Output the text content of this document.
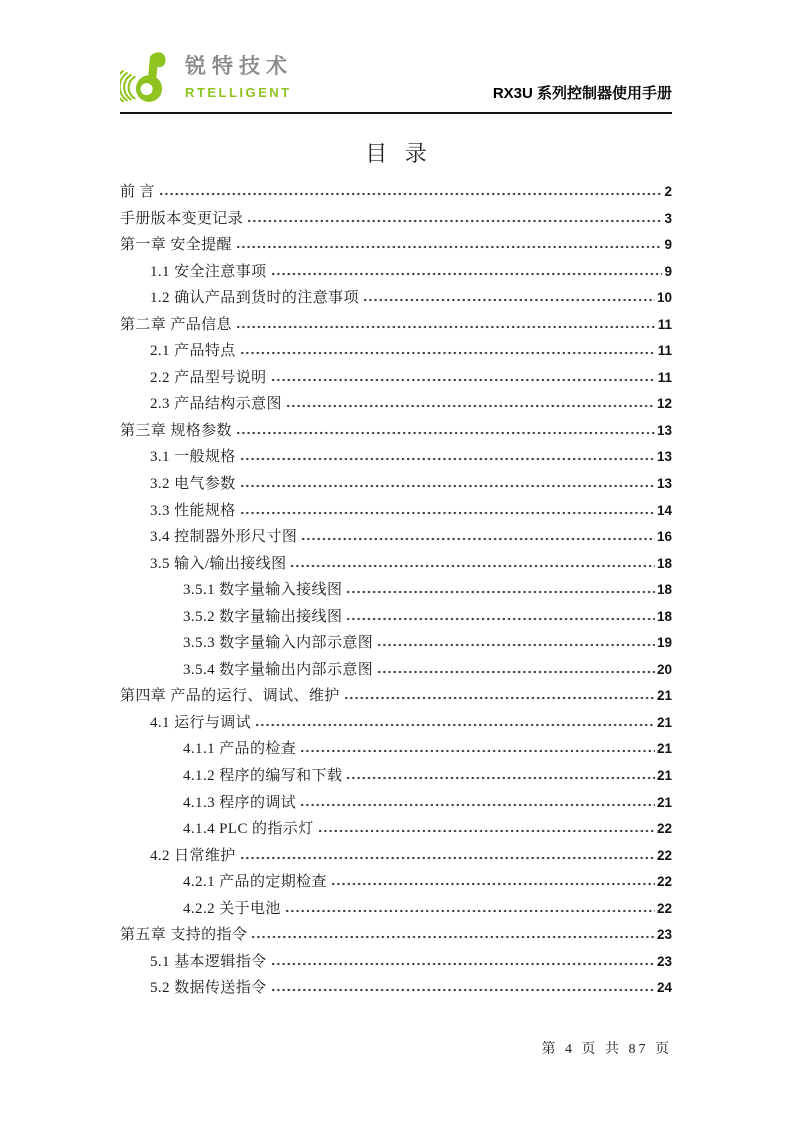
锐特技术
RTELLIGENT	RX3U 系列控制器使用手册
目 录
前 言	2
手册版本变更记录	3
第一章 安全提醒	9
1.1 安全注意事项	9
1.2 确认产品到货时的注意事项	10
第二章 产品信息	11
2.1 产品特点	11
2.2 产品型号说明	11
2.3 产品结构示意图	12
第三章 规格参数	13
3.1 一般规格	13
3.2 电气参数	13
3.3 性能规格	14
3.4 控制器外形尺寸图	16
3.5 输入/输出接线图	18
3.5.1 数字量输入接线图	18
3.5.2 数字量输出接线图	18
3.5.3 数字量输入内部示意图	19
3.5.4 数字量输出内部示意图	20
第四章 产品的运行、调试、维护	21
4.1 运行与调试	21
4.1.1 产品的检查	21
4.1.2 程序的编写和下载	21
4.1.3 程序的调试	21
4.1.4 PLC 的指示灯	22
4.2 日常维护	22
4.2.1 产品的定期检查	22
4.2.2 关于电池	22
第五章 支持的指令	23
5.1 基本逻辑指令	23
5.2 数据传送指令	24
第 4 页 共 87 页
